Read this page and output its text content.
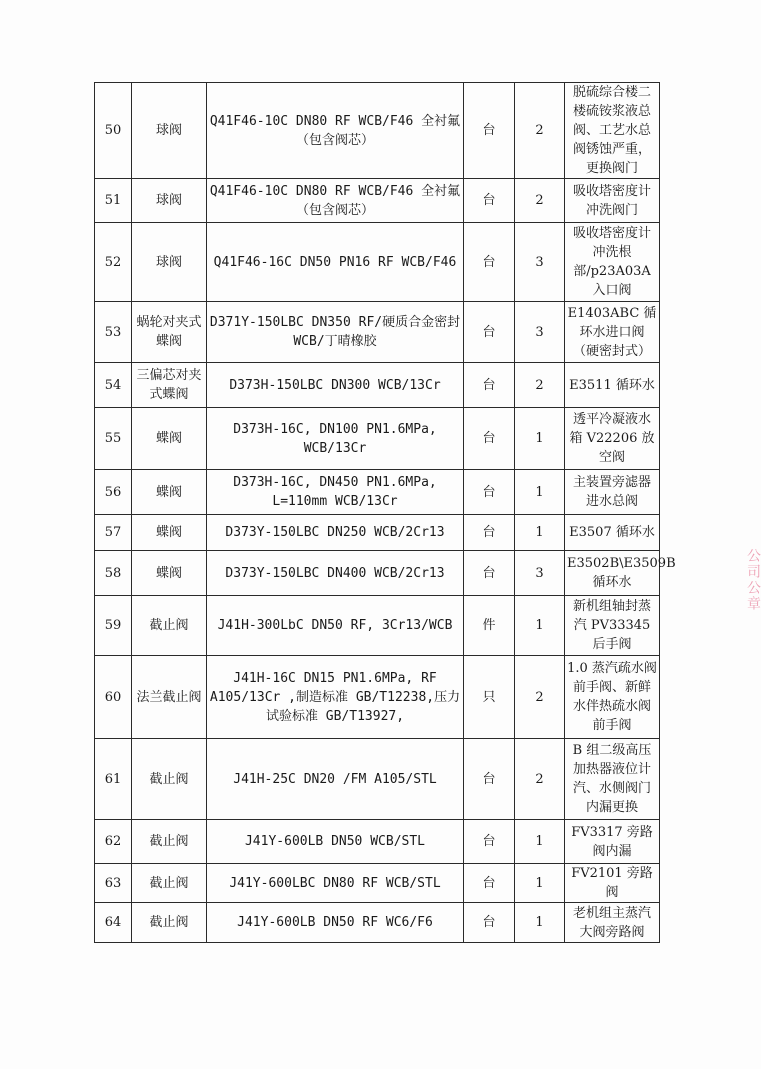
50	球阀	Q41F46-10C DN80 RF WCB/F46 全衬氟（包含阀芯）	台	2	脱硫综合楼二楼硫铵浆液总阀、工艺水总阀锈蚀严重，更换阀门
51	球阀	Q41F46-10C DN80 RF WCB/F46 全衬氟（包含阀芯）	台	2	吸收塔密度计冲洗阀门
52	球阀	Q41F46-16C DN50 PN16 RF WCB/F46	台	3	吸收塔密度计冲洗根部/p23A03A 入口阀
53	蜗轮对夹式蝶阀	D371Y-150LBC DN350 RF/硬质合金密封WCB/丁晴橡胶	台	3	E1403ABC 循环水进口阀（硬密封式）
54	三偏芯对夹式蝶阀	D373H-150LBC DN300 WCB/13Cr	台	2	E3511 循环水
55	蝶阀	D373H-16C, DN100 PN1.6MPa, WCB/13Cr	台	1	透平冷凝液水箱 V22206 放空阀
56	蝶阀	D373H-16C, DN450 PN1.6MPa, L=110mm WCB/13Cr	台	1	主装置旁滤器进水总阀
57	蝶阀	D373Y-150LBC DN250 WCB/2Cr13	台	1	E3507 循环水
58	蝶阀	D373Y-150LBC DN400 WCB/2Cr13	台	3	E3502B\E3509B 循环水
59	截止阀	J41H-300LbC DN50 RF, 3Cr13/WCB	件	1	新机组轴封蒸汽 PV33345 后手阀
60	法兰截止阀	J41H-16C DN15 PN1.6MPa, RF A105/13Cr ,制造标准 GB/T12238,压力试验标准 GB/T13927,	只	2	1.0 蒸汽疏水阀前手阀、新鲜水伴热疏水阀前手阀
61	截止阀	J41H-25C DN20 /FM A105/STL	台	2	B 组二级高压加热器液位计汽、水侧阀门内漏更换
62	截止阀	J41Y-600LB DN50 WCB/STL	台	1	FV3317 旁路阀内漏
63	截止阀	J41Y-600LBC DN80 RF WCB/STL	台	1	FV2101 旁路阀
64	截止阀	J41Y-600LB DN50 RF WC6/F6	台	1	老机组主蒸汽大阀旁路阀
公司公章
